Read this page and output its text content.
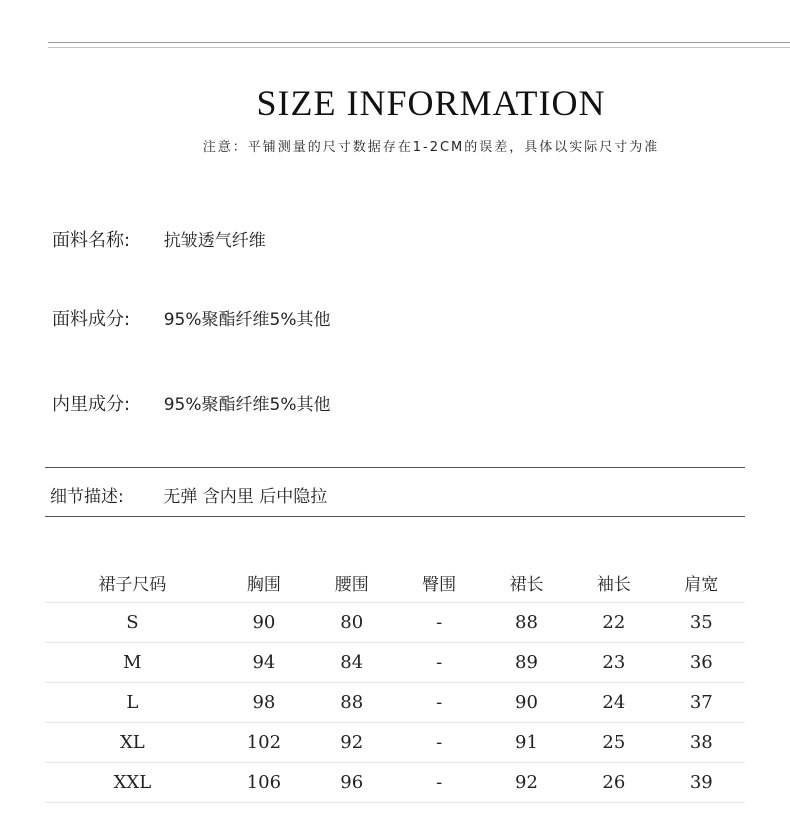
SIZE INFORMATION
注意：平铺测量的尺寸数据存在1-2CM的误差，具体以实际尺寸为准
面料名称: 抗皱透气纤维
面料成分: 95%聚酯纤维5%其他
内里成分: 95%聚酯纤维5%其他
细节描述: 无弹 含内里 后中隐拉
裙子尺码	胸围	腰围	臀围	裙长	袖长	肩宽
S	90	80	-	88	22	35
M	94	84	-	89	23	36
L	98	88	-	90	24	37
XL	102	92	-	91	25	38
XXL	106	96	-	92	26	39
